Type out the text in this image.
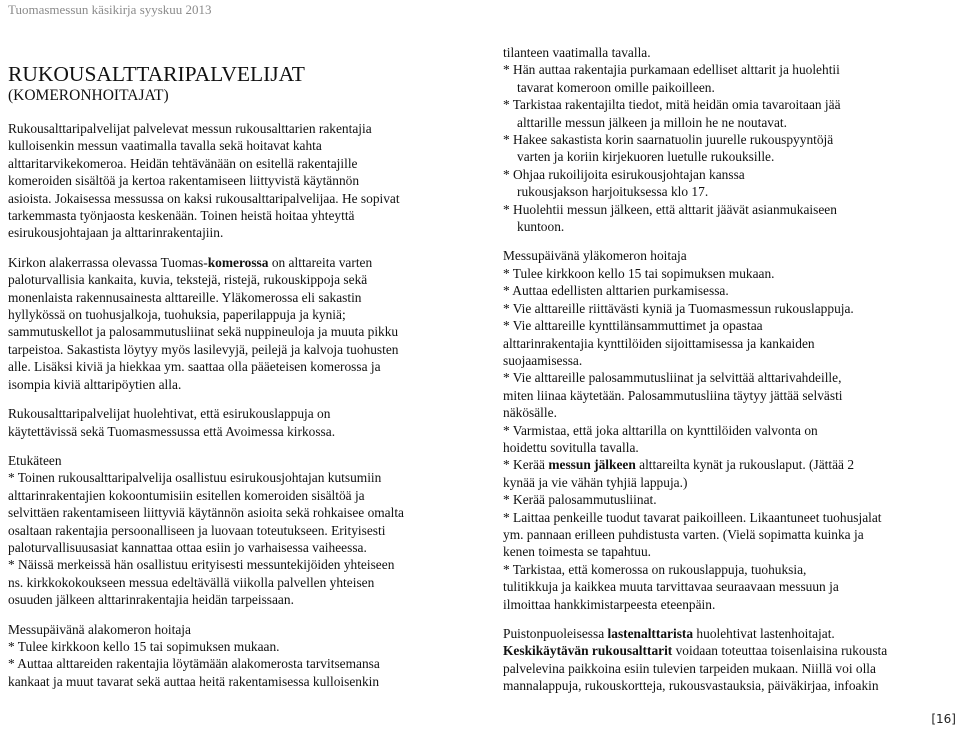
Tuomasmessun käsikirja syyskuu 2013
RUKOUSALTTARIPALVELIJAT
(KOMERONHOITAJAT)

Rukousalttaripalvelijat palvelevat messun rukousalttarien rakentajia

kulloisenkin messun vaatimalla tavalla sekä hoitavat kahta

alttaritarvikekomeroa. Heidän tehtävänään on esitellä rakentajille

komeroiden sisältöä ja kertoa rakentamiseen liittyvistä käytännön

asioista. Jokaisessa messussa on kaksi rukousalttaripalvelijaa. He sopivat

tarkemmasta työnjaosta keskenään. Toinen heistä hoitaa yhteyttä

esirukousjohtajaan ja alttarinrakentajiin.

Kirkon alakerrassa olevassa Tuomas-komerossa on alttareita varten

paloturvallisia kankaita, kuvia, tekstejä, ristejä, rukouskippoja sekä

monenlaista rakennusainesta alttareille. Yläkomerossa eli sakastin

hyllykössä on tuohusjalkoja, tuohuksia, paperilappuja ja kyniä;

sammutuskellot ja palosammutusliinat sekä nuppineuloja ja muuta pikku

tarpeistoa. Sakastista löytyy myös lasilevyjä, peilejä ja kalvoja tuohusten

alle. Lisäksi kiviä ja hiekkaa ym. saattaa olla pääeteisen komerossa ja

isompia kiviä alttaripöytien alla.

Rukousalttaripalvelijat huolehtivat, että esirukouslappuja on

käytettävissä sekä Tuomasmessussa että Avoimessa kirkossa.

Etukäteen

* Toinen rukousalttaripalvelija osallistuu esirukousjohtajan kutsumiin

alttarinrakentajien kokoontumisiin esitellen komeroiden sisältöä ja

selvittäen rakentamiseen liittyviä käytännön asioita sekä rohkaisee omalta

osaltaan rakentajia persoonalliseen ja luovaan toteutukseen. Erityisesti

paloturvallisuusasiat kannattaa ottaa esiin jo varhaisessa vaiheessa.

* Näissä merkeissä hän osallistuu erityisesti messuntekijöiden yhteiseen

ns. kirkkokokoukseen messua edeltävällä viikolla palvellen yhteisen

osuuden jälkeen alttarinrakentajia heidän tarpeissaan.

Messupäivänä alakomeron hoitaja

* Tulee kirkkoon kello 15 tai sopimuksen mukaan.

* Auttaa alttareiden rakentajia löytämään alakomerosta tarvitsemansa

kankaat ja muut tavarat sekä auttaa heitä rakentamisessa kulloisenkin

tilanteen vaatimalla tavalla.

* Hän auttaa rakentajia purkamaan edelliset alttarit ja huolehtii

tavarat komeroon omille paikoilleen.

* Tarkistaa rakentajilta tiedot, mitä heidän omia tavaroitaan jää

alttarille messun jälkeen ja milloin he ne noutavat.

* Hakee sakastista korin saarnatuolin juurelle rukouspyyntöjä

varten ja koriin kirjekuoren luetulle rukouksille.

* Ohjaa rukoilijoita esirukousjohtajan kanssa

rukousjakson harjoituksessa klo 17.

* Huolehtii messun jälkeen, että alttarit jäävät asianmukaiseen

kuntoon.

Messupäivänä yläkomeron hoitaja

* Tulee kirkkoon kello 15 tai sopimuksen mukaan.

* Auttaa edellisten alttarien purkamisessa.

* Vie alttareille riittävästi kyniä ja Tuomasmessun rukouslappuja.

* Vie alttareille kynttilänsammuttimet ja opastaa

alttarinrakentajia kynttilöiden sijoittamisessa ja kankaiden

suojaamisessa.

* Vie alttareille palosammutusliinat ja selvittää alttarivahdeille,

miten liinaa käytetään. Palosammutusliina täytyy jättää selvästi

näkösälle.

* Varmistaa, että joka alttarilla on kynttilöiden valvonta on

hoidettu sovitulla tavalla.

* Kerää messun jälkeen alttareilta kynät ja rukouslaput. (Jättää 2

kynää ja vie vähän tyhjiä lappuja.)

* Kerää palosammutusliinat.

* Laittaa penkeille tuodut tavarat paikoilleen. Likaantuneet tuohusjalat

ym. pannaan erilleen puhdistusta varten. (Vielä sopimatta kuinka ja

kenen toimesta se tapahtuu.

* Tarkistaa, että komerossa on rukouslappuja, tuohuksia,

tulitikkuja ja kaikkea muuta tarvittavaa seuraavaan messuun ja

ilmoittaa hankkimistarpeesta eteenpäin.

Puistonpuoleisessa lastenalttarista huolehtivat lastenhoitajat.

Keskikäytävän rukousalttarit voidaan toteuttaa toisenlaisina rukousta

palvelevina paikkoina esiin tulevien tarpeiden mukaan. Niillä voi olla

mannalappuja, rukouskortteja, rukousvastauksia, päiväkirjaa, infoakin

[16]
